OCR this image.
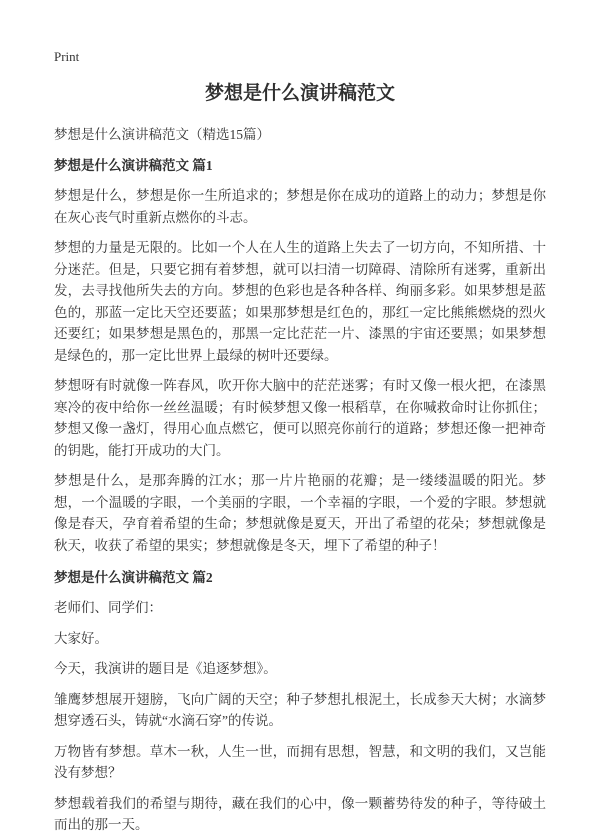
Print
梦想是什么演讲稿范文

梦想是什么演讲稿范文（精选15篇）

梦想是什么演讲稿范文 篇1

梦想是什么，梦想是你一生所追求的；梦想是你在成功的道路上的动力；梦想是你在灰心丧气时重新点燃你的斗志。

梦想的力量是无限的。比如一个人在人生的道路上失去了一切方向，不知所措、十分迷茫。但是，只要它拥有着梦想，就可以扫清一切障碍、清除所有迷雾，重新出发，去寻找他所失去的方向。梦想的色彩也是各种各样、绚丽多彩。如果梦想是蓝色的，那蓝一定比天空还要蓝；如果那梦想是红色的，那红一定比熊熊燃烧的烈火还要红；如果梦想是黑色的，那黑一定比茫茫一片、漆黑的宇宙还要黑；如果梦想是绿色的，那一定比世界上最绿的树叶还要绿。

梦想呀有时就像一阵春风，吹开你大脑中的茫茫迷雾；有时又像一根火把，在漆黑寒冷的夜中给你一丝丝温暖；有时候梦想又像一根稻草，在你喊救命时让你抓住；梦想又像一盏灯，得用心血点燃它，便可以照亮你前行的道路；梦想还像一把神奇的钥匙，能打开成功的大门。

梦想是什么，是那奔腾的江水；那一片片艳丽的花瓣；是一缕缕温暖的阳光。梦想，一个温暖的字眼，一个美丽的字眼，一个幸福的字眼，一个爱的字眼。梦想就像是春天，孕育着希望的生命；梦想就像是夏天，开出了希望的花朵；梦想就像是秋天，收获了希望的果实；梦想就像是冬天，埋下了希望的种子！

梦想是什么演讲稿范文 篇2

老师们、同学们：

大家好。

今天，我演讲的题目是《追逐梦想》。

雏鹰梦想展开翅膀，飞向广阔的天空；种子梦想扎根泥土，长成参天大树；水滴梦想穿透石头，铸就“水滴石穿”的传说。

万物皆有梦想。草木一秋，人生一世，而拥有思想，智慧，和文明的我们，又岂能没有梦想？

梦想载着我们的希望与期待，藏在我们的心中，像一颗蓄势待发的种子，等待破土而出的那一天。
